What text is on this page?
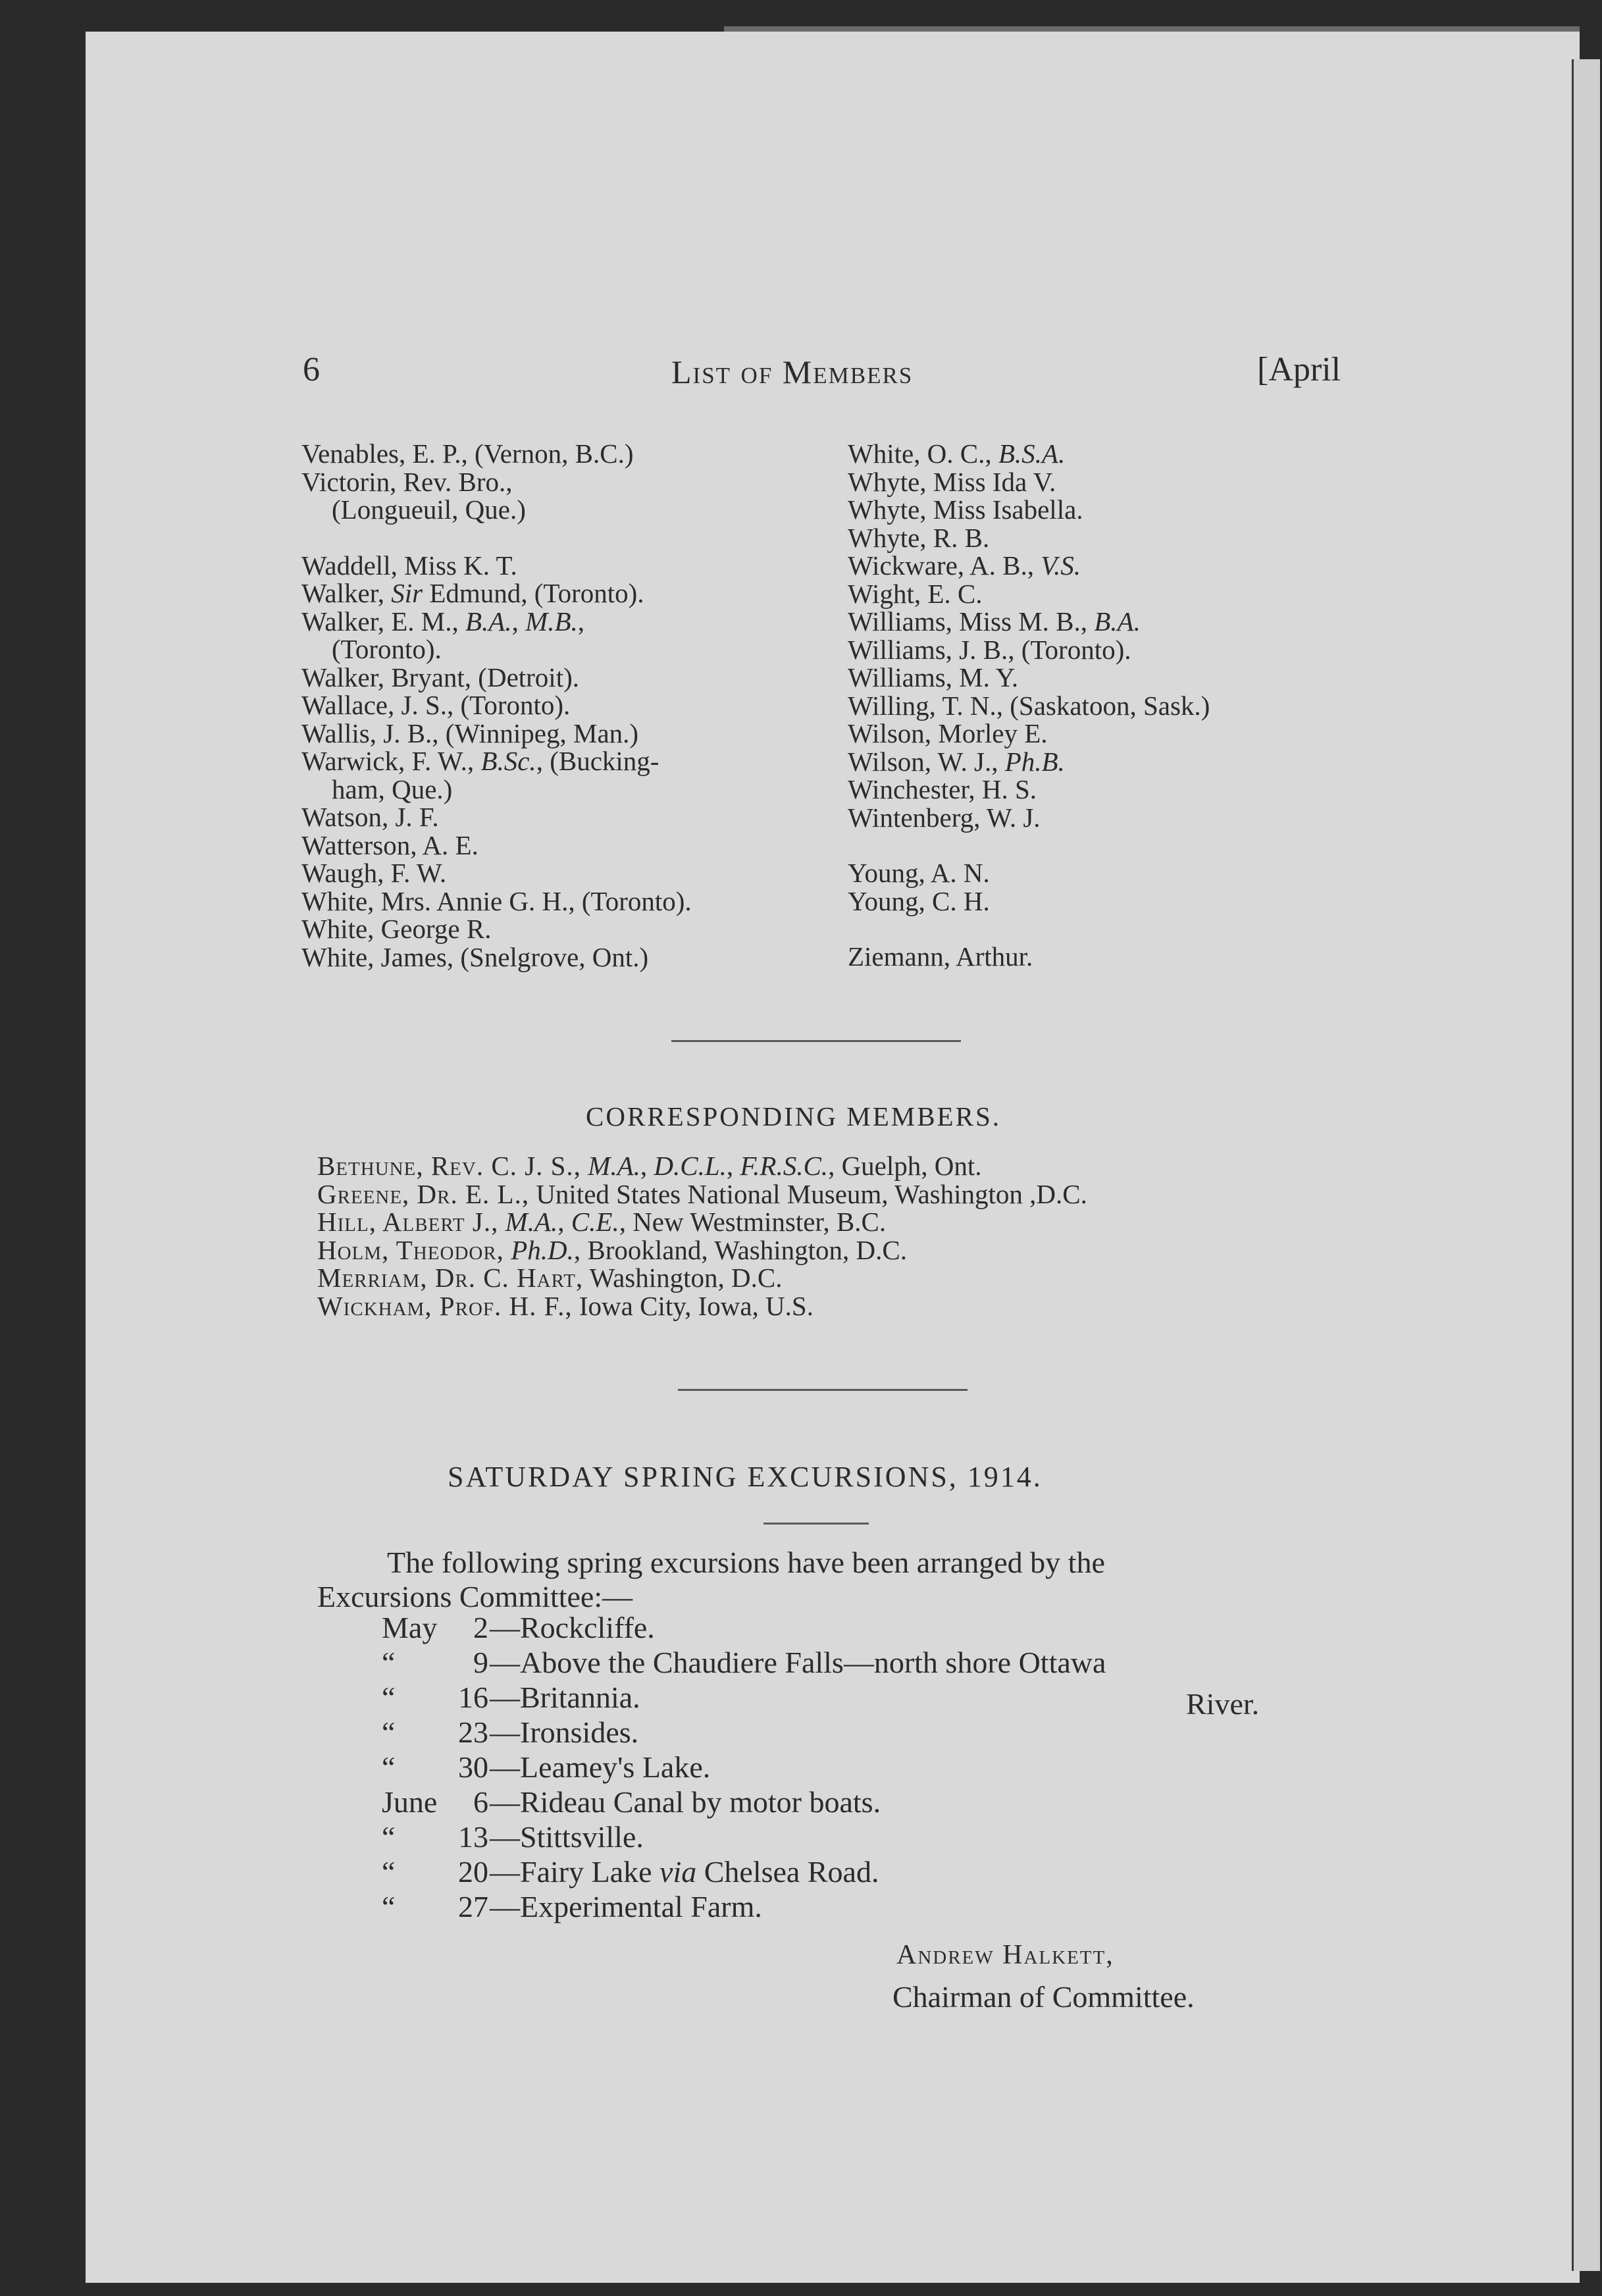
6	List of Members	[April
Venables, E. P., (Vernon, B.C.)
Victorin, Rev. Bro.,
(Longueuil, Que.)
Waddell, Miss K. T.
Walker, Sir Edmund, (Toronto).
Walker, E. M., B.A., M.B.,
(Toronto).
Walker, Bryant, (Detroit).
Wallace, J. S., (Toronto).
Wallis, J. B., (Winnipeg, Man.)
Warwick, F. W., B.Sc., (Bucking-
ham, Que.)
Watson, J. F.
Watterson, A. E.
Waugh, F. W.
White, Mrs. Annie G. H., (Toronto).
White, George R.
White, James, (Snelgrove, Ont.)
White, O. C., B.S.A.
Whyte, Miss Ida V.
Whyte, Miss Isabella.
Whyte, R. B.
Wickware, A. B., V.S.
Wight, E. C.
Williams, Miss M. B., B.A.
Williams, J. B., (Toronto).
Williams, M. Y.
Willing, T. N., (Saskatoon, Sask.)
Wilson, Morley E.
Wilson, W. J., Ph.B.
Winchester, H. S.
Wintenberg, W. J.
Young, A. N.
Young, C. H.
Ziemann, Arthur.
CORRESPONDING MEMBERS.
Bethune, Rev. C. J. S., M.A., D.C.L., F.R.S.C., Guelph, Ont.
Greene, Dr. E. L., United States National Museum, Washington ,D.C.
Hill, Albert J., M.A., C.E., New Westminster, B.C.
Holm, Theodor, Ph.D., Brookland, Washington, D.C.
Merriam, Dr. C. Hart, Washington, D.C.
Wickham, Prof. H. F., Iowa City, Iowa, U.S.
SATURDAY SPRING EXCURSIONS, 1914.
The following spring excursions have been arranged by the
Excursions Committee:—
May	2 —Rockcliffe.
“	9 —Above the Chaudiere Falls—north shore Ottawa
“	16 —Britannia.
“	23 —Ironsides.
“	30 —Leamey's Lake.
June	6 —Rideau Canal by motor boats.
“	13 —Stittsville.
“	20 —Fairy Lake via Chelsea Road.
“	27 —Experimental Farm.
River.
Andrew Halkett,
Chairman of Committee.
